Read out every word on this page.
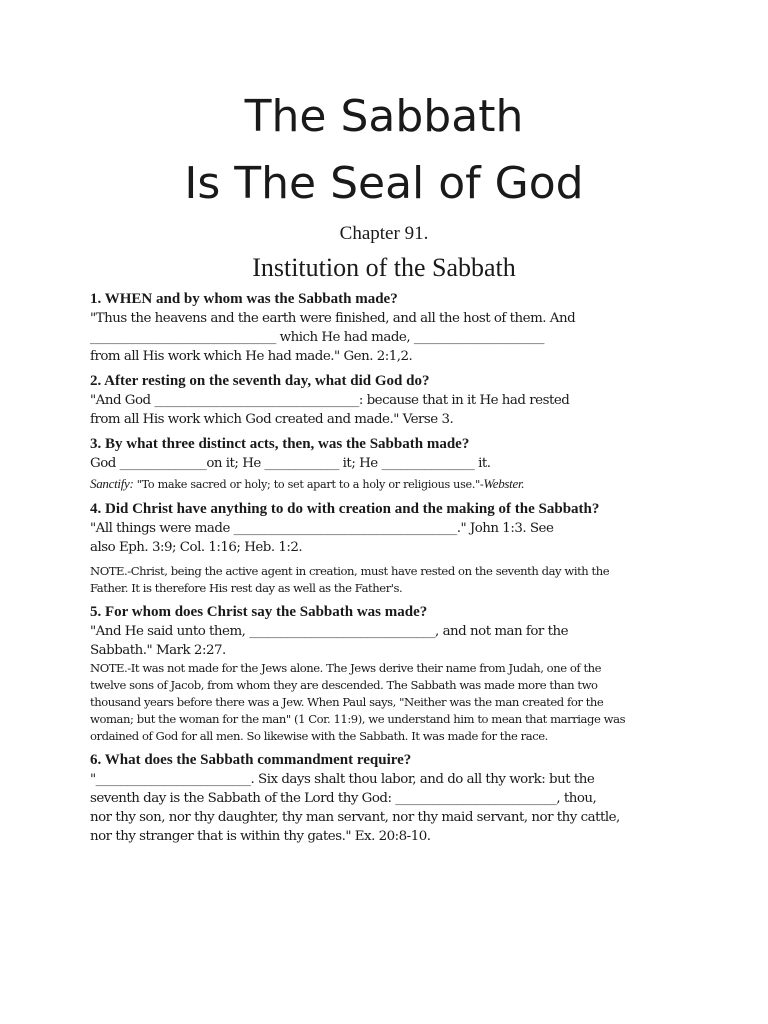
The Sabbath
Is The Seal of God
Chapter 91.
Institution of the Sabbath

1. WHEN and by whom was the Sabbath made?

"Thus the heavens and the earth were finished, and all the host of them. And

______________________________ which He had made, _____________________

from all His work which He had made." Gen. 2:1,2.

2. After resting on the seventh day, what did God do?

"And God _________________________________: because that in it He had rested

from all His work which God created and made." Verse 3.

3. By what three distinct acts, then, was the Sabbath made?

God ______________on it; He ____________ it; He _______________ it.

Sanctify: "To make sacred or holy; to set apart to a holy or religious use."-Webster.

4. Did Christ have anything to do with creation and the making of the Sabbath?

"All things were made ____________________________________." John 1:3. See

also Eph. 3:9; Col. 1:16; Heb. 1:2.

NOTE.-Christ, being the active agent in creation, must have rested on the seventh day with the

Father. It is therefore His rest day as well as the Father's.

5. For whom does Christ say the Sabbath was made?

"And He said unto them, ______________________________, and not man for the

Sabbath." Mark 2:27.

NOTE.-It was not made for the Jews alone. The Jews derive their name from Judah, one of the

twelve sons of Jacob, from whom they are descended. The Sabbath was made more than two

thousand years before there was a Jew. When Paul says, "Neither was the man created for the

woman; but the woman for the man" (1 Cor. 11:9), we understand him to mean that marriage was

ordained of God for all men. So likewise with the Sabbath. It was made for the race.

6. What does the Sabbath commandment require?

"_________________________. Six days shalt thou labor, and do all thy work: but the

seventh day is the Sabbath of the Lord thy God: __________________________, thou,

nor thy son, nor thy daughter, thy man servant, nor thy maid servant, nor thy cattle,

nor thy stranger that is within thy gates." Ex. 20:8-10.
